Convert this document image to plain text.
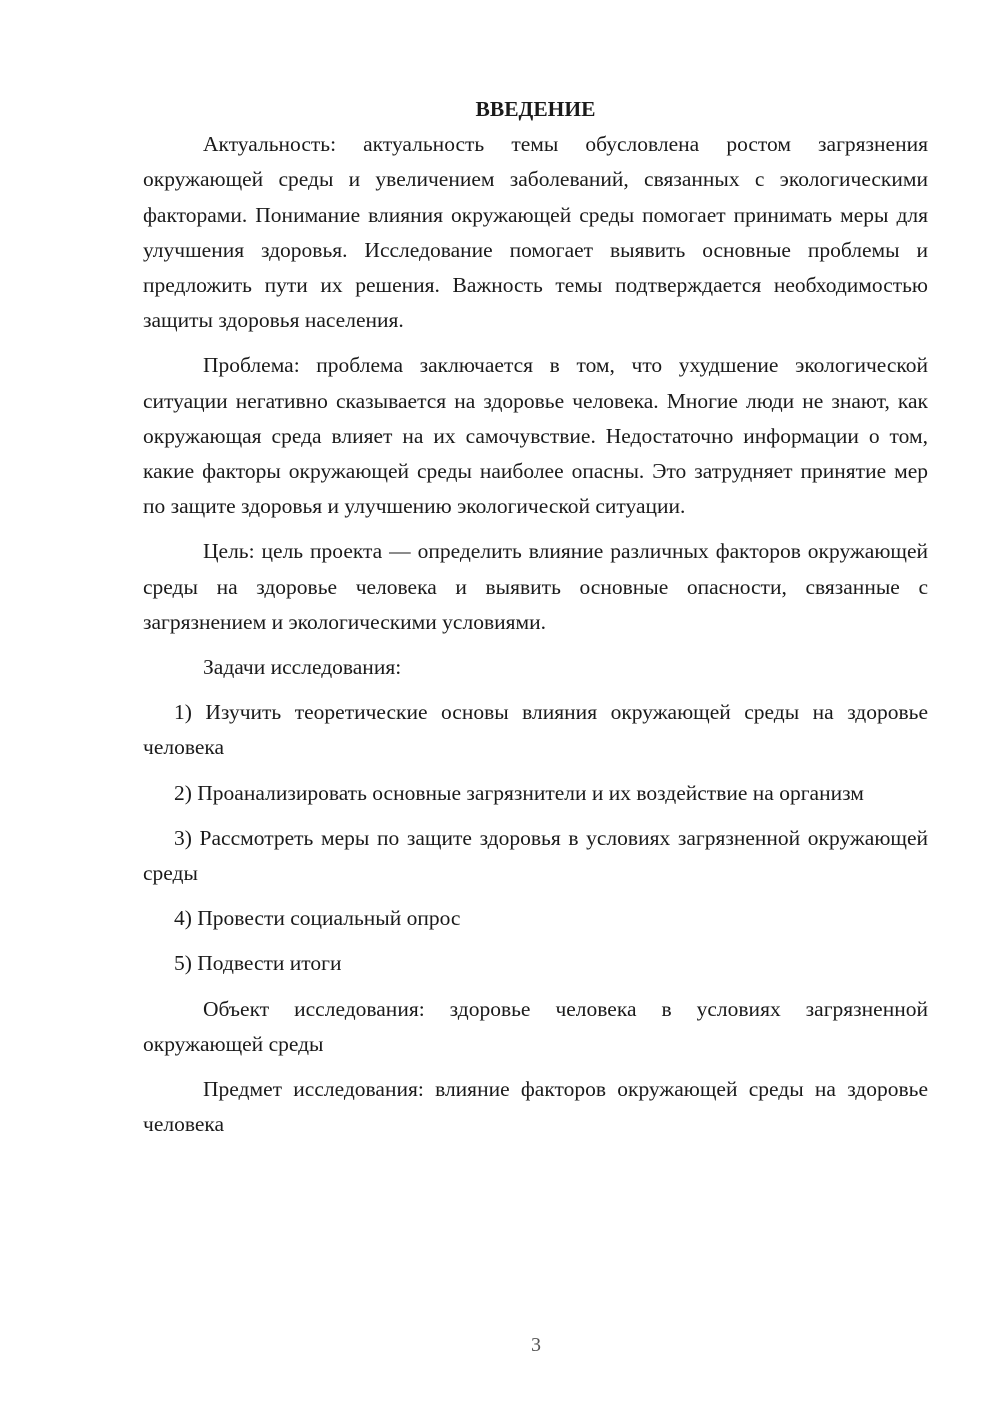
ВВЕДЕНИЕ

Актуальность: актуальность темы обусловлена ростом загрязнения окружающей среды и увеличением заболеваний, связанных с экологическими факторами. Понимание влияния окружающей среды помогает принимать меры для улучшения здоровья. Исследование помогает выявить основные проблемы и предложить пути их решения. Важность темы подтверждается необходимостью защиты здоровья населения.

Проблема: проблема заключается в том, что ухудшение экологической ситуации негативно сказывается на здоровье человека. Многие люди не знают, как окружающая среда влияет на их самочувствие. Недостаточно информации о том, какие факторы окружающей среды наиболее опасны. Это затрудняет принятие мер по защите здоровья и улучшению экологической ситуации.

Цель: цель проекта — определить влияние различных факторов окружающей среды на здоровье человека и выявить основные опасности, связанные с загрязнением и экологическими условиями.

Задачи исследования:

1) Изучить теоретические основы влияния окружающей среды на здоровье человека

2) Проанализировать основные загрязнители и их воздействие на организм

3) Рассмотреть меры по защите здоровья в условиях загрязненной окружающей среды

4) Провести социальный опрос

5) Подвести итоги

Объект исследования: здоровье человека в условиях загрязненной окружающей среды

Предмет исследования: влияние факторов окружающей среды на здоровье человека

3
